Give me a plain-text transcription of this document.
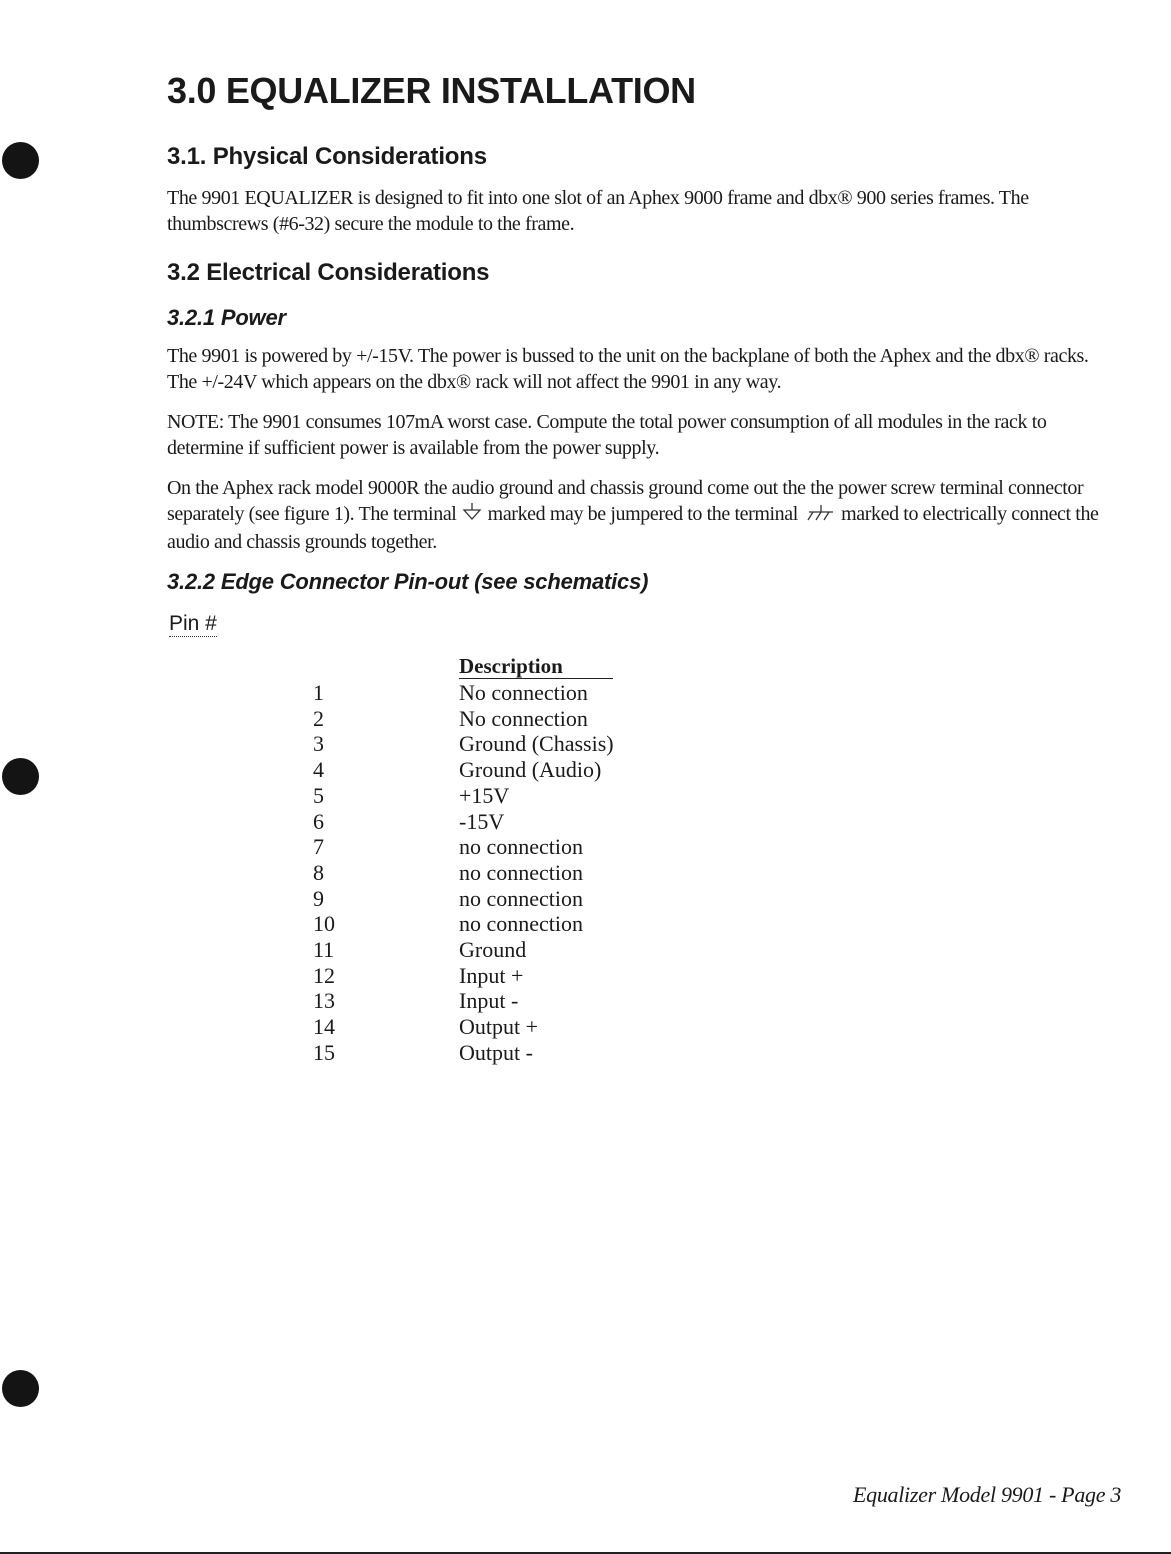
3.0 EQUALIZER INSTALLATION
3.1. Physical Considerations

The 9901 EQUALIZER is designed to fit into one slot of an Aphex 9000 frame and dbx® 900 series frames. The thumbscrews (#6-32) secure the module to the frame.

3.2 Electrical Considerations
3.2.1 Power

The 9901 is powered by +/-15V. The power is bussed to the unit on the backplane of both the Aphex and the dbx® racks. The +/-24V which appears on the dbx® rack will not affect the 9901 in any way.

NOTE: The 9901 consumes 107mA worst case. Compute the total power consumption of all modules in the rack to determine if sufficient power is available from the power supply.

On the Aphex rack model 9000R the audio ground and chassis ground come out the the power screw terminal connector separately (see figure 1). The terminal marked may be jumpered to the terminal marked to electrically connect the audio and chassis grounds together.

3.2.2 Edge Connector Pin-out (see schematics)
Pin #
Description
1	No connection
2	No connection
3	Ground (Chassis)
4	Ground (Audio)
5	+15V
6	-15V
7	no connection
8	no connection
9	no connection
10	no connection
11	Ground
12	Input +
13	Input -
14	Output +
15	Output -
Equalizer Model 9901 - Page 3
